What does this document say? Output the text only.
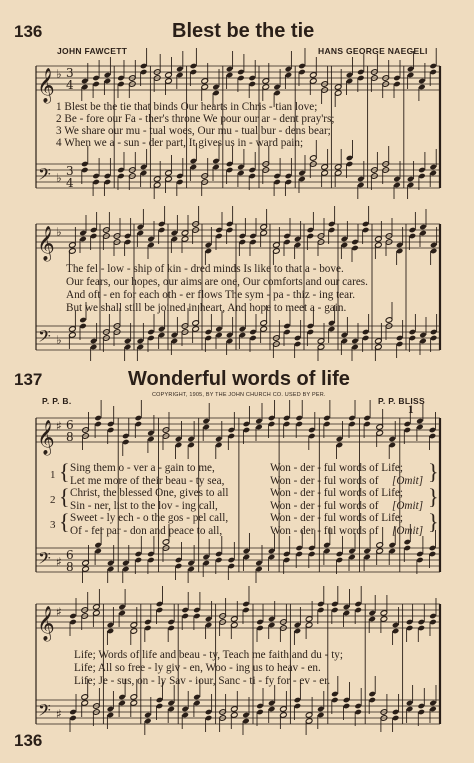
𝄞
𝄢
♭
♭
3
4
3
4
𝄞
𝄢
♭
♭
𝄞
𝄢
♯
♯
6
8
6
8
𝄞
𝄢
♯
♯
136	Blest be the tie
JOHN FAWCETT	HANS GEORGE NAEGELI
1 Blest be the tie that binds Our hearts in Chris - tian love;
2 Be - fore our Fa - ther's throne We pour our ar - dent pray'rs;
3 We share our mu - tual woes, Our mu - tual bur - dens bear;
4 When we a - sun - der part, It gives us in - ward pain;
The fel - low - ship of kin - dred minds Is like to that a - bove.
Our fears, our hopes, our aims are one, Our comforts and our cares.
And oft - en for each oth - er flows The sym - pa - thiz - ing tear.
But we shall still be joined in heart, And hope to meet a - gain.
137	Wonderful words of life
P. P. B.
COPYRIGHT, 1905, BY THE JOHN CHURCH CO. USED BY PER.
P. P. BLISS
1
1 { Sing them o - ver a - gain to me,	Won - der - ful words of Life;
Let me more of their beau - ty sea,	Won - der - ful words of [Omit] }
2 { Christ, the blessed One, gives to all	Won - der - ful words of Life;
Sin - ner, list to the lov - ing call,	Won - der - ful words of [Omit] }
3 { Sweet - ly ech - o the gos - pel call,	Won - der - ful words of Life;
Of - fer par - don and peace to all,	Won - der - ful words of [Omit] }
Life; Words of life and beau - ty, Teach me faith and du - ty;
Life; All so free - ly giv - en, Woo - ing us to heav - en.
Life; Je - sus, on - ly Sav - iour, Sanc - ti - fy for - ev - er.
136
